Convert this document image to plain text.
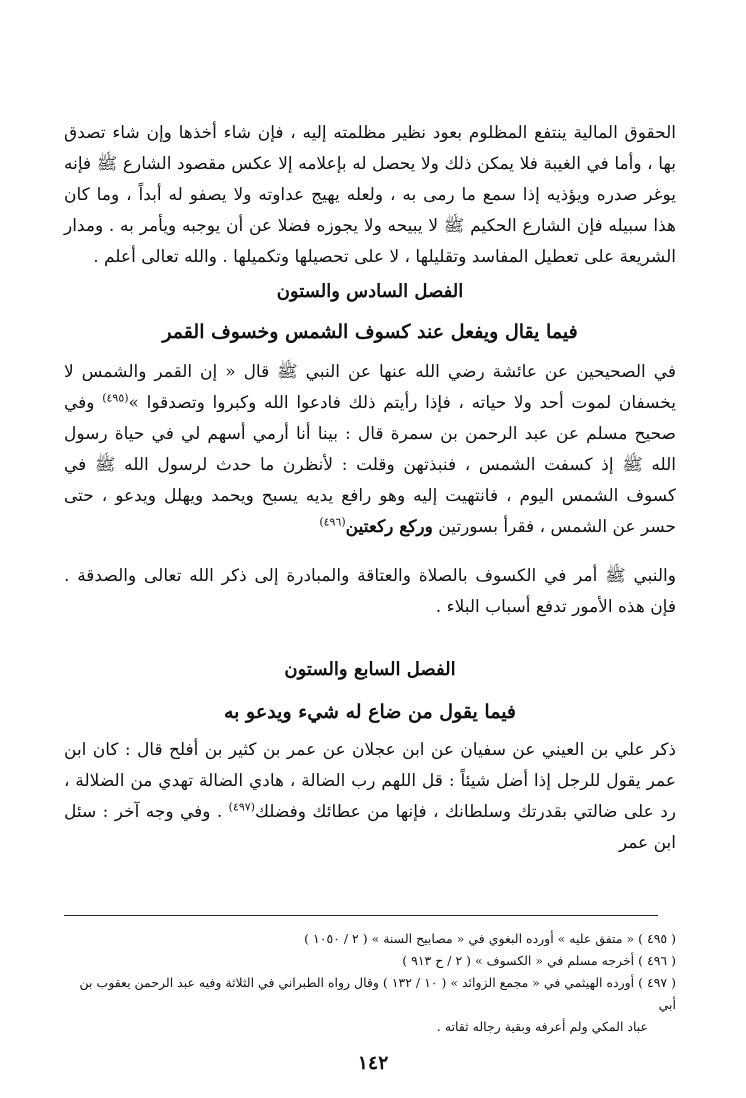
الحقوق المالية ينتفع المظلوم بعود نظير مظلمته إليه ، فإن شاء أخذها وإن شاء تصدق بها ، وأما في الغيبة فلا يمكن ذلك ولا يحصل له بإعلامه إلا عكس مقصود الشارع ﷺ فإنه يوغر صدره ويؤذيه إذا سمع ما رمى به ، ولعله يهيج عداوته ولا يصفو له أبداً ، وما كان هذا سبيله فإن الشارع الحكيم ﷺ لا يبيحه ولا يجوزه فضلا عن أن يوجبه ويأمر به . ومدار الشريعة على تعطيل المفاسد وتقليلها ، لا على تحصيلها وتكميلها . والله تعالى أعلم .

الفصل السادس والستون

فيما يقال ويفعل عند كسوف الشمس وخسوف القمر

في الصحيحين عن عائشة رضي الله عنها عن النبي ﷺ قال « إن القمر والشمس لا يخسفان لموت أحد ولا حياته ، فإذا رأيتم ذلك فادعوا الله وكبروا وتصدقوا »$^{(٤٩٥)}$ وفي صحيح مسلم عن عبد الرحمن بن سمرة قال : بينا أنا أرمي أسهم لي في حياة رسول الله ﷺ إذ كسفت الشمس ، فنبذتهن وقلت : لأنظرن ما حدث لرسول الله ﷺ في كسوف الشمس اليوم ، فانتهيت إليه وهو رافع يديه يسبح ويحمد ويهلل ويدعو ، حتى حسر عن الشمس ، فقرأ بسورتين وركع ركعتين$^{(٤٩٦)}$

والنبي ﷺ أمر في الكسوف بالصلاة والعتاقة والمبادرة إلى ذكر الله تعالى والصدقة . فإن هذه الأمور تدفع أسباب البلاء .

الفصل السابع والستون

فيما يقول من ضاع له شيء ويدعو به

ذكر علي بن العيني عن سفيان عن ابن عجلان عن عمر بن كثير بن أفلح قال : كان ابن عمر يقول للرجل إذا أضل شيئاً : قل اللهم رب الضالة ، هادي الضالة تهدي من الضلالة ، رد على ضالتي بقدرتك وسلطانك ، فإنها من عطائك وفضلك$^{(٤٩٧)}$ . وفي وجه آخر : سئل ابن عمر

( ٤٩٥ ) « متفق عليه » أورده البغوي في « مصابيح السنة » ( ٢ / ١٠٥٠ )

( ٤٩٦ ) أخرجه مسلم في « الكسوف » ( ٢ / ح ٩١٣ )

( ٤٩٧ ) أورده الهيثمي في « مجمع الزوائد » ( ١٠ / ١٣٢ ) وقال رواه الطبراني في الثلاثة وفيه عبد الرحمن يعقوب بن أبي

عباد المكي ولم أعرفه وبقية رجاله ثقاته .

١٤٢
